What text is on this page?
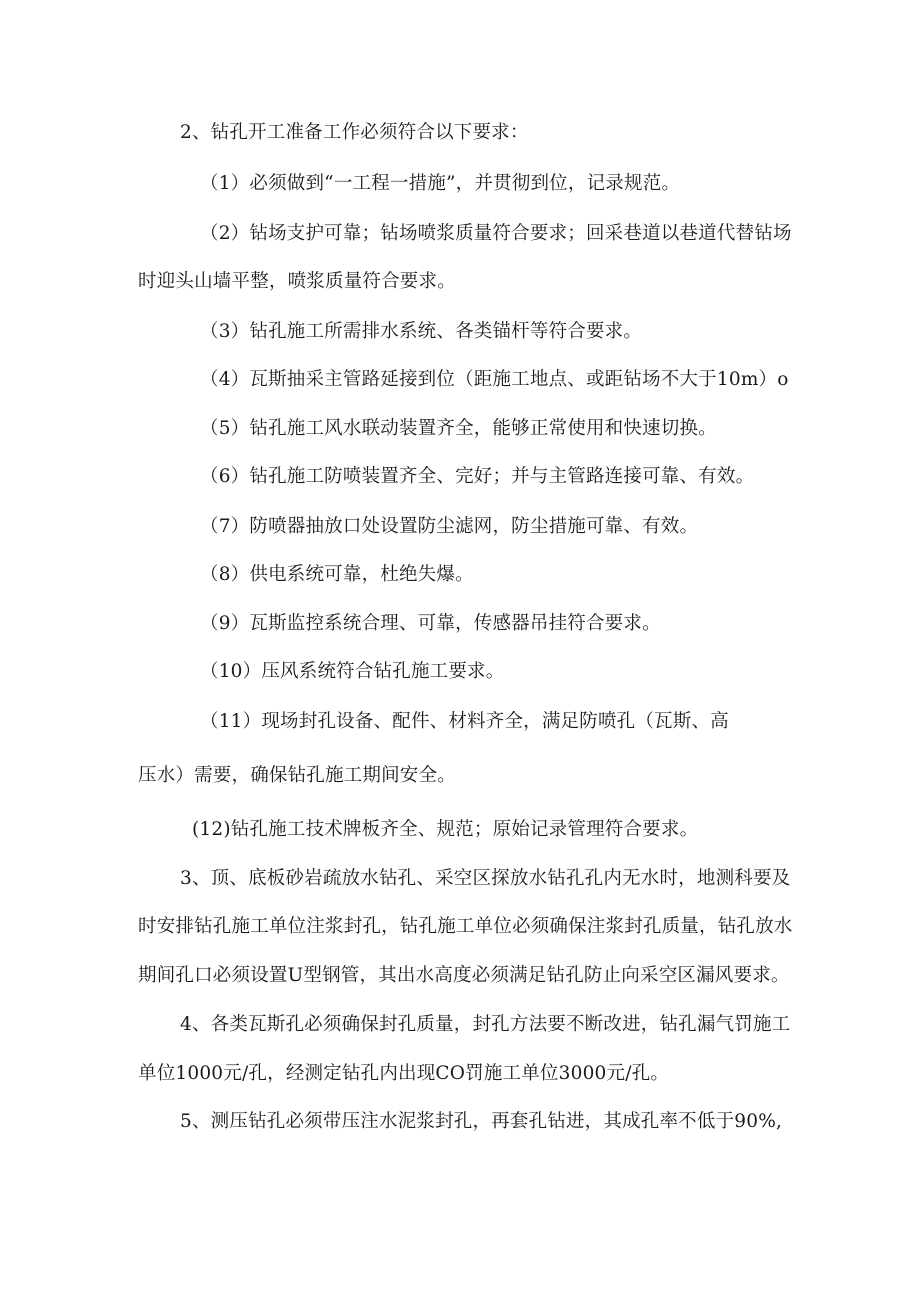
2、钻孔开工准备工作必须符合以下要求：
（1）必须做到“一工程一措施”，并贯彻到位，记录规范。
（2）钻场支护可靠；钻场喷浆质量符合要求；回采巷道以巷道代替钻场
时迎头山墙平整，喷浆质量符合要求。
（3）钻孔施工所需排水系统、各类锚杆等符合要求。
（4）瓦斯抽采主管路延接到位（距施工地点、或距钻场不大于10m）o
（5）钻孔施工风水联动装置齐全，能够正常使用和快速切换。
（6）钻孔施工防喷装置齐全、完好；并与主管路连接可靠、有效。
（7）防喷器抽放口处设置防尘滤网，防尘措施可靠、有效。
（8）供电系统可靠，杜绝失爆。
（9）瓦斯监控系统合理、可靠，传感器吊挂符合要求。
（10）压风系统符合钻孔施工要求。
（11）现场封孔设备、配件、材料齐全，满足防喷孔（瓦斯、高
压水）需要，确保钻孔施工期间安全。
(12)钻孔施工技术牌板齐全、规范；原始记录管理符合要求。
3、顶、底板砂岩疏放水钻孔、采空区探放水钻孔孔内无水时，地测科要及
时安排钻孔施工单位注浆封孔，钻孔施工单位必须确保注浆封孔质量，钻孔放水
期间孔口必须设置U型钢管，其出水高度必须满足钻孔防止向采空区漏风要求。
4、各类瓦斯孔必须确保封孔质量，封孔方法要不断改进，钻孔漏气罚施工
单位1000元/孔，经测定钻孔内出现CO罚施工单位3000元/孔。
5、测压钻孔必须带压注水泥浆封孔，再套孔钻进，其成孔率不低于90%,
